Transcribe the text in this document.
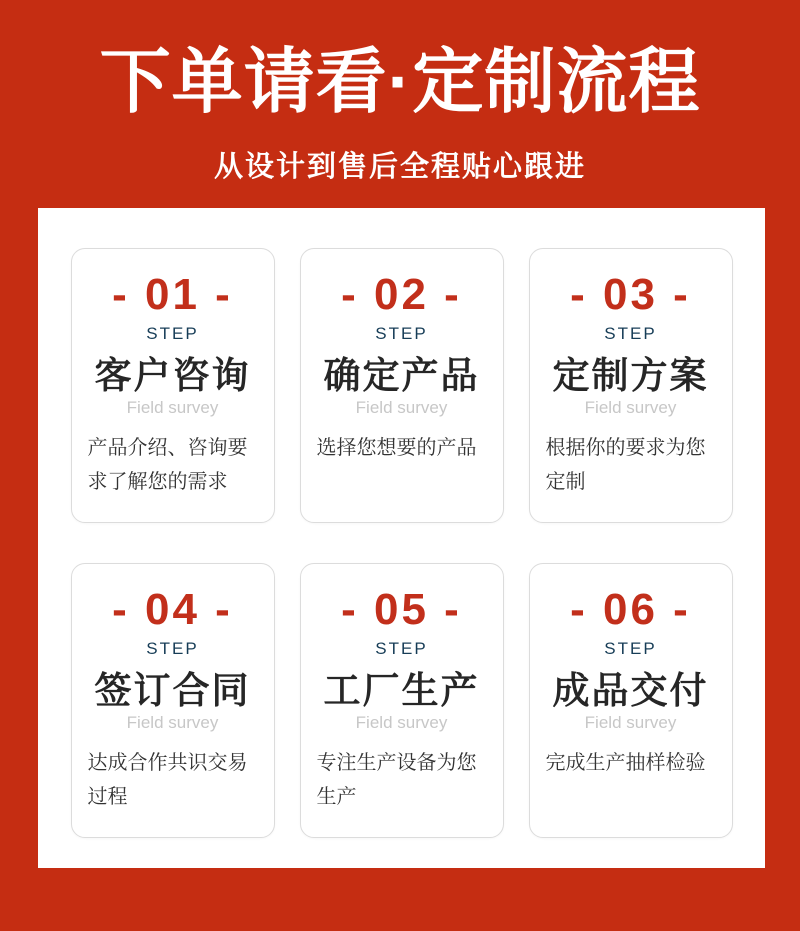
下单请看·定制流程

从设计到售后全程贴心跟进

- 01 -
STEP
客户咨询
Field survey

产品介绍、咨询要求了解您的需求

- 02 -
STEP
确定产品
Field survey

选择您想要的产品

- 03 -
STEP
定制方案
Field survey

根据你的要求为您定制

- 04 -
STEP
签订合同
Field survey

达成合作共识交易过程

- 05 -
STEP
工厂生产
Field survey

专注生产设备为您生产

- 06 -
STEP
成品交付
Field survey

完成生产抽样检验
